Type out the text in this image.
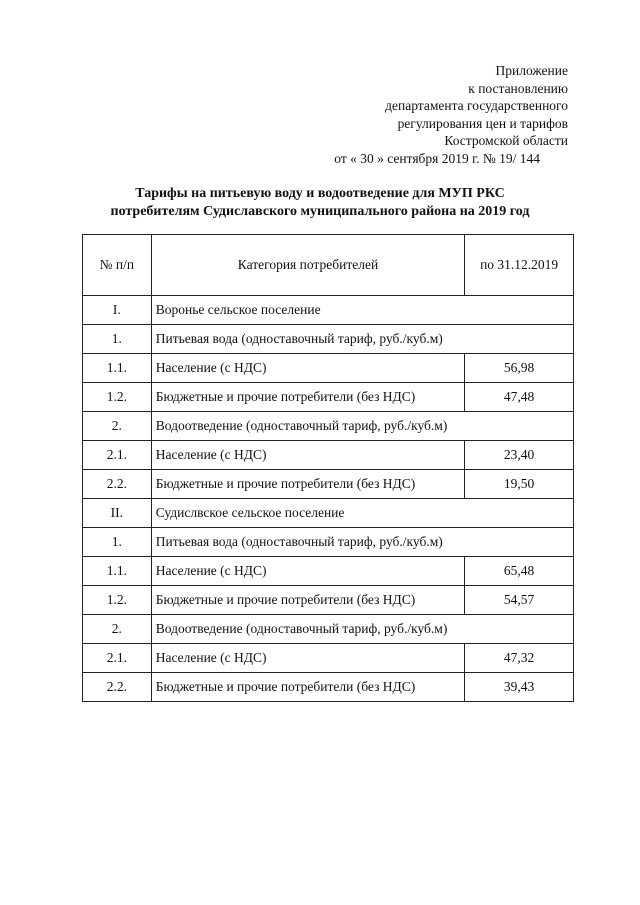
Приложение
к постановлению
департамента государственного
регулирования цен и тарифов
Костромской области
от « 30 » сентября 2019 г. № 19/ 144
Тарифы на питьевую воду и водоотведение для МУП РКС
потребителям Судиславского муниципального района на 2019 год
№ п/п	Категория потребителей	по 31.12.2019
I.	Воронье сельское поселение	
1.	Питьевая вода (одноставочный тариф, руб./куб.м)	
1.1.	Население (с НДС)	56,98
1.2.	Бюджетные и прочие потребители (без НДС)	47,48
2.	Водоотведение (одноставочный тариф, руб./куб.м)	
2.1.	Население (с НДС)	23,40
2.2.	Бюджетные и прочие потребители (без НДС)	19,50
II.	Судислвское сельское поселение	
1.	Питьевая вода (одноставочный тариф, руб./куб.м)	
1.1.	Население (с НДС)	65,48
1.2.	Бюджетные и прочие потребители (без НДС)	54,57
2.	Водоотведение (одноставочный тариф, руб./куб.м)	
2.1.	Население (с НДС)	47,32
2.2.	Бюджетные и прочие потребители (без НДС)	39,43
